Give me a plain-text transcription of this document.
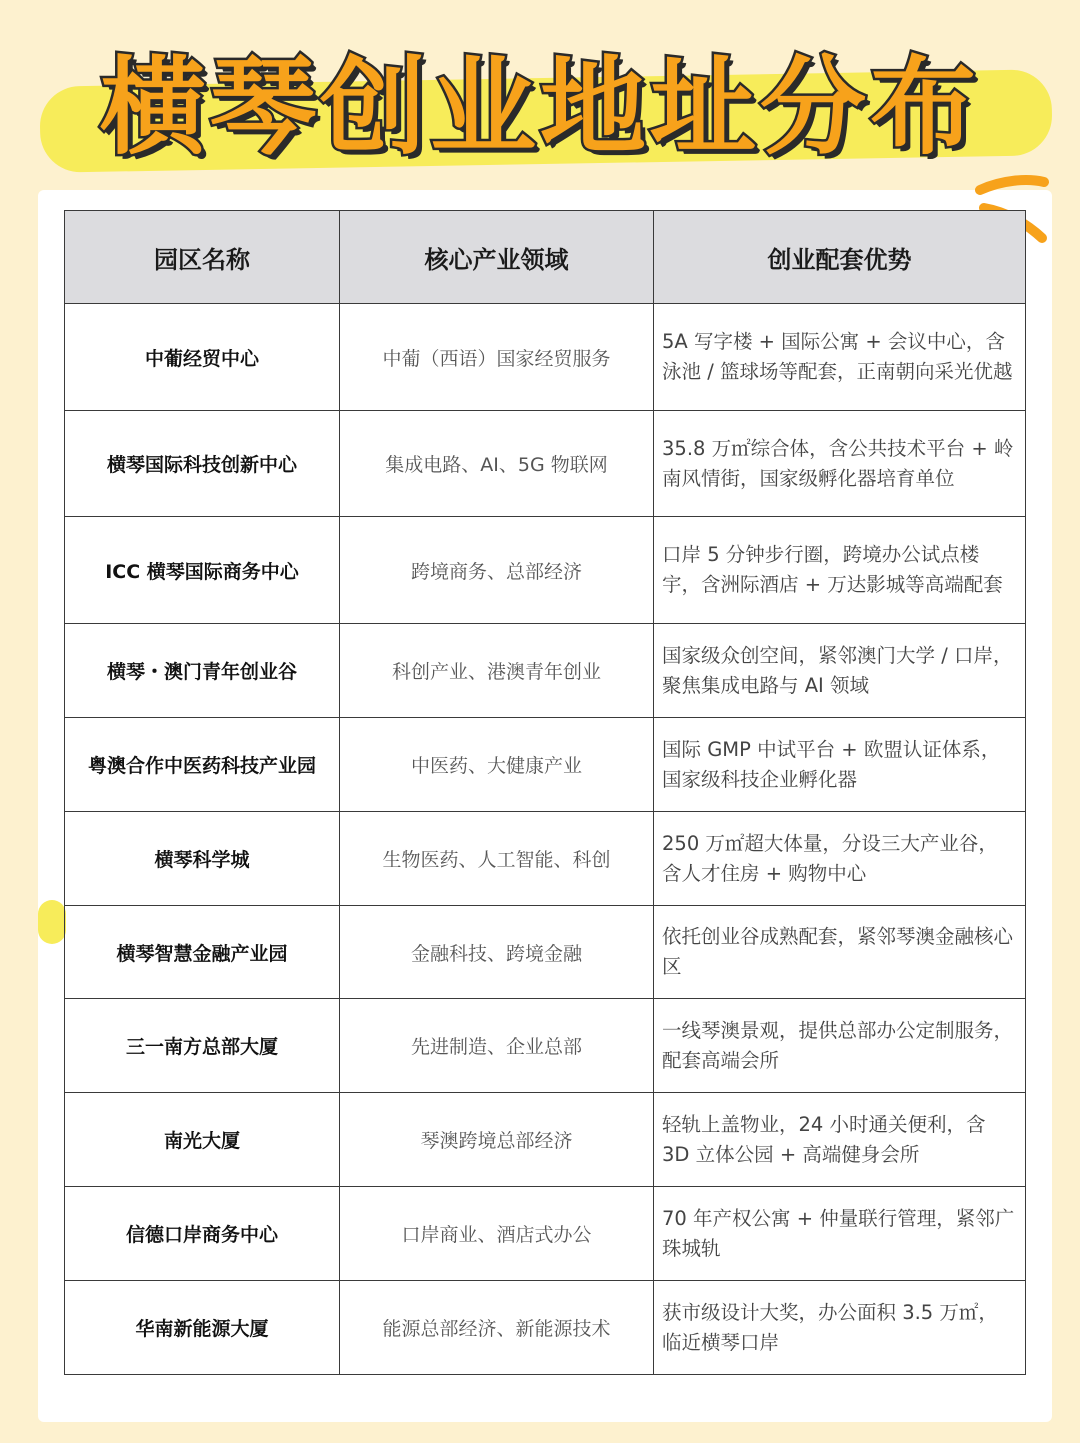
横琴创业地址分布
园区名称	核心产业领域	创业配套优势
中葡经贸中心	中葡（西语）国家经贸服务	5A 写字楼 + 国际公寓 + 会议中心，含泳池 / 篮球场等配套，正南朝向采光优越
横琴国际科技创新中心	集成电路、AI、5G 物联网	35.8 万㎡综合体，含公共技术平台 + 岭南风情街，国家级孵化器培育单位
ICC 横琴国际商务中心	跨境商务、总部经济	口岸 5 分钟步行圈，跨境办公试点楼宇，含洲际酒店 + 万达影城等高端配套
横琴・澳门青年创业谷	科创产业、港澳青年创业	国家级众创空间，紧邻澳门大学 / 口岸，聚焦集成电路与 AI 领域
粤澳合作中医药科技产业园	中医药、大健康产业	国际 GMP 中试平台 + 欧盟认证体系，国家级科技企业孵化器
横琴科学城	生物医药、人工智能、科创	250 万㎡超大体量，分设三大产业谷，含人才住房 + 购物中心
横琴智慧金融产业园	金融科技、跨境金融	依托创业谷成熟配套，紧邻琴澳金融核心区
三一南方总部大厦	先进制造、企业总部	一线琴澳景观，提供总部办公定制服务，配套高端会所
南光大厦	琴澳跨境总部经济	轻轨上盖物业，24 小时通关便利，含 3D 立体公园 + 高端健身会所
信德口岸商务中心	口岸商业、酒店式办公	70 年产权公寓 + 仲量联行管理，紧邻广珠城轨
华南新能源大厦	能源总部经济、新能源技术	获市级设计大奖，办公面积 3.5 万㎡，临近横琴口岸
